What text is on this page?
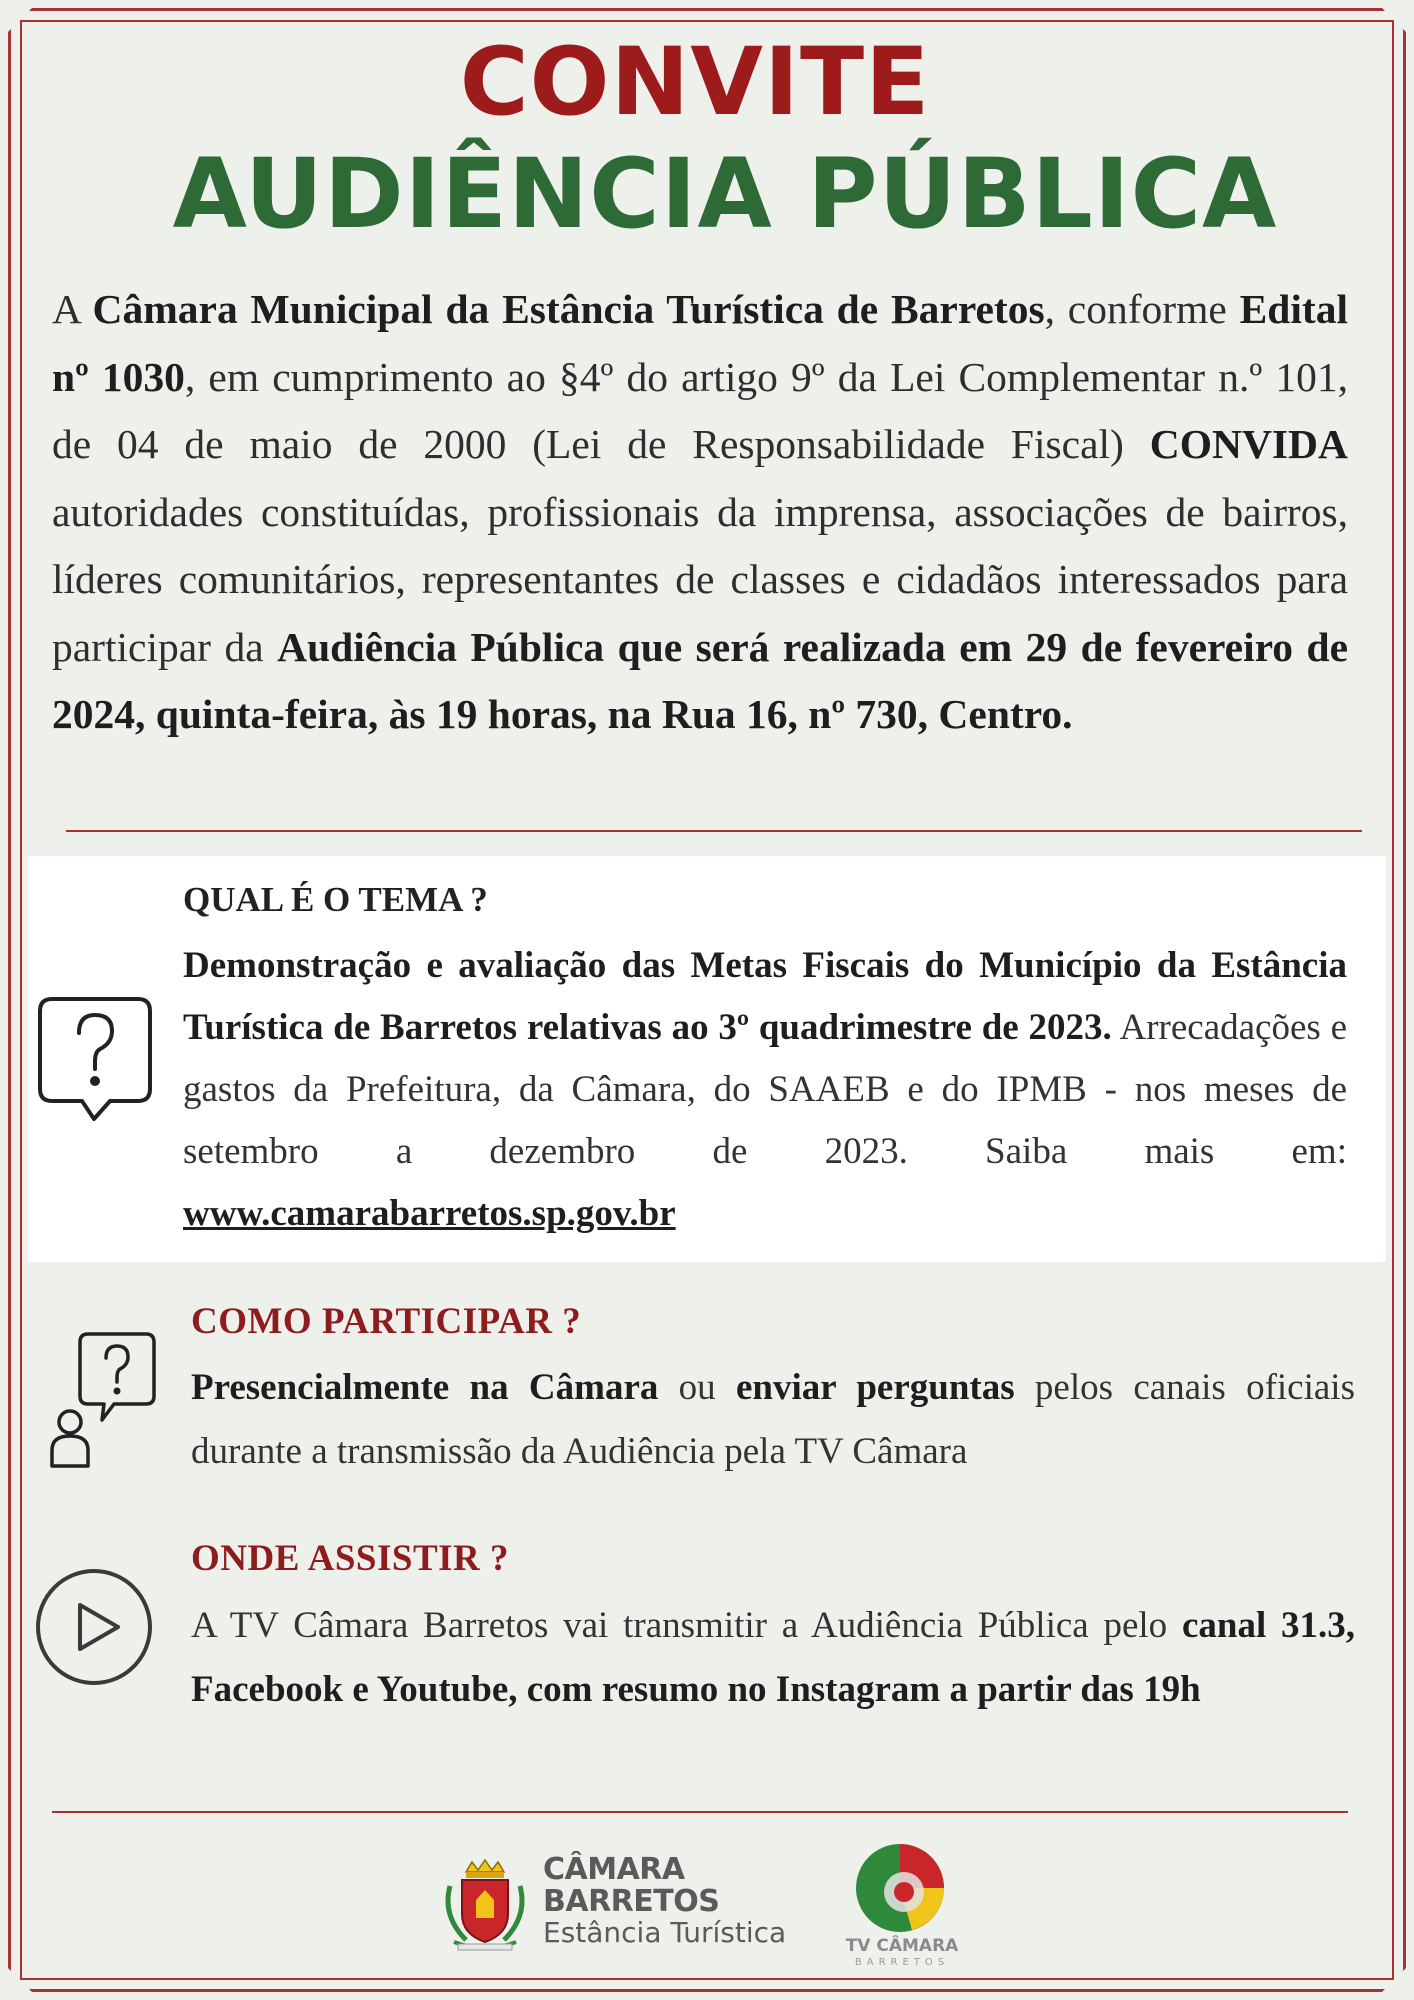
CONVITE
AUDIÊNCIA PÚBLICA

A Câmara Municipal da Estância Turística de Barretos, conforme Edital nº 1030, em cumprimento ao §4º do artigo 9º da Lei Complementar n.º 101, de 04 de maio de 2000 (Lei de Responsabilidade Fiscal) CONVIDA autoridades constituídas, profissionais da imprensa, associações de bairros, líderes comunitários, representantes de classes e cidadãos interessados para participar da Audiência Pública que será realizada em 29 de fevereiro de 2024, quinta-feira, às 19 horas, na Rua 16, nº 730, Centro.

QUAL É O TEMA ?

Demonstração e avaliação das Metas Fiscais do Município da Estância Turística de Barretos relativas ao 3º quadrimestre de 2023. Arrecadações e gastos da Prefeitura, da Câmara, do SAAEB e do IPMB - nos meses de setembro a dezembro de 2023. Saiba mais em: www.camarabarretos.sp.gov.br

COMO PARTICIPAR ?

Presencialmente na Câmara ou enviar perguntas pelos canais oficiais durante a transmissão da Audiência pela TV Câmara

ONDE ASSISTIR ?

A TV Câmara Barretos vai transmitir a Audiência Pública pelo canal 31.3, Facebook e Youtube, com resumo no Instagram a partir das 19h

CÂMARA
BARRETOS
Estância Turística	TV CÂMARA
BARRETOS
